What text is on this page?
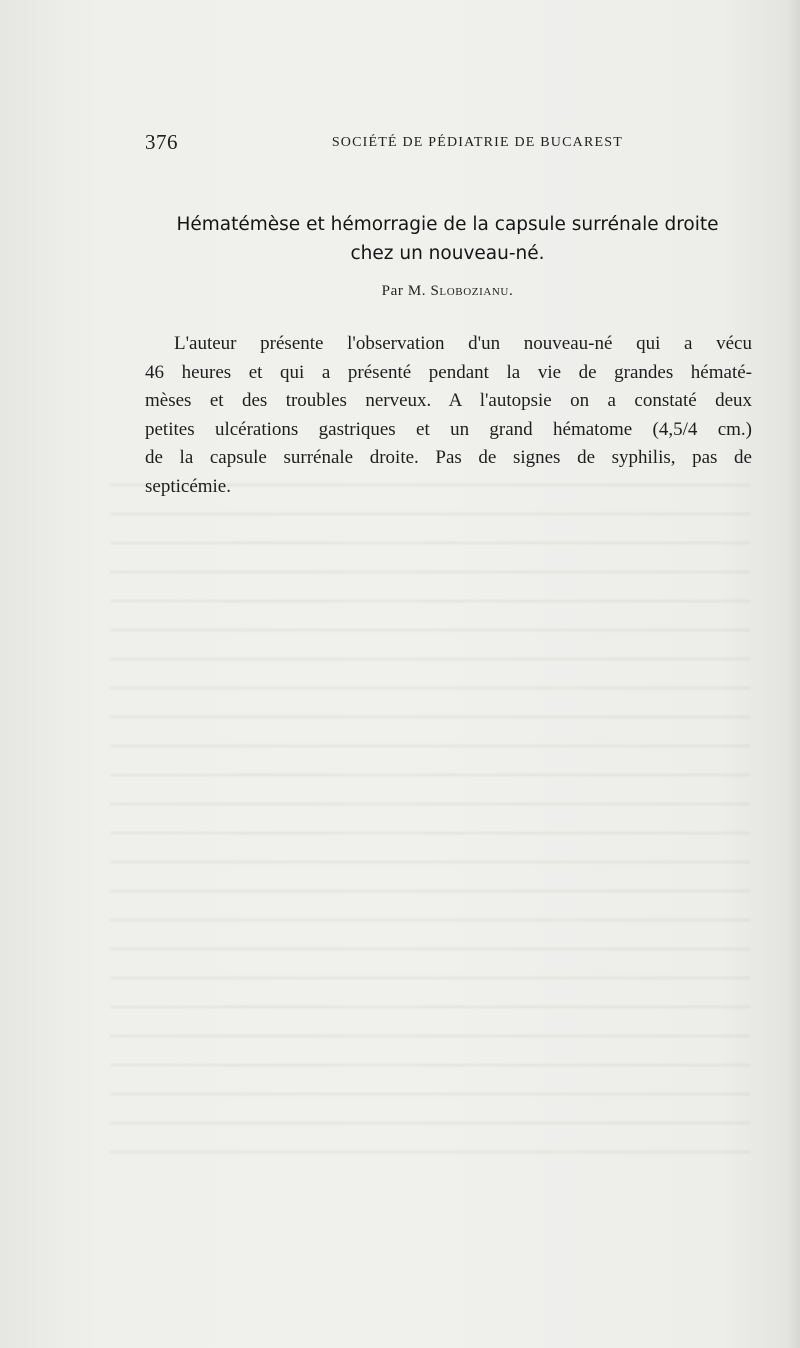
376	SOCIÉTÉ DE PÉDIATRIE DE BUCAREST
Hématémèse et hémorragie de la capsule surrénale droite
chez un nouveau-né.
Par M. Slobozianu.
L'auteur présente l'observation d'un nouveau-né qui a vécu
46 heures et qui a présenté pendant la vie de grandes hématé-
mèses et des troubles nerveux. A l'autopsie on a constaté deux
petites ulcérations gastriques et un grand hématome (4,5/4 cm.)
de la capsule surrénale droite. Pas de signes de syphilis, pas de
septicémie.
